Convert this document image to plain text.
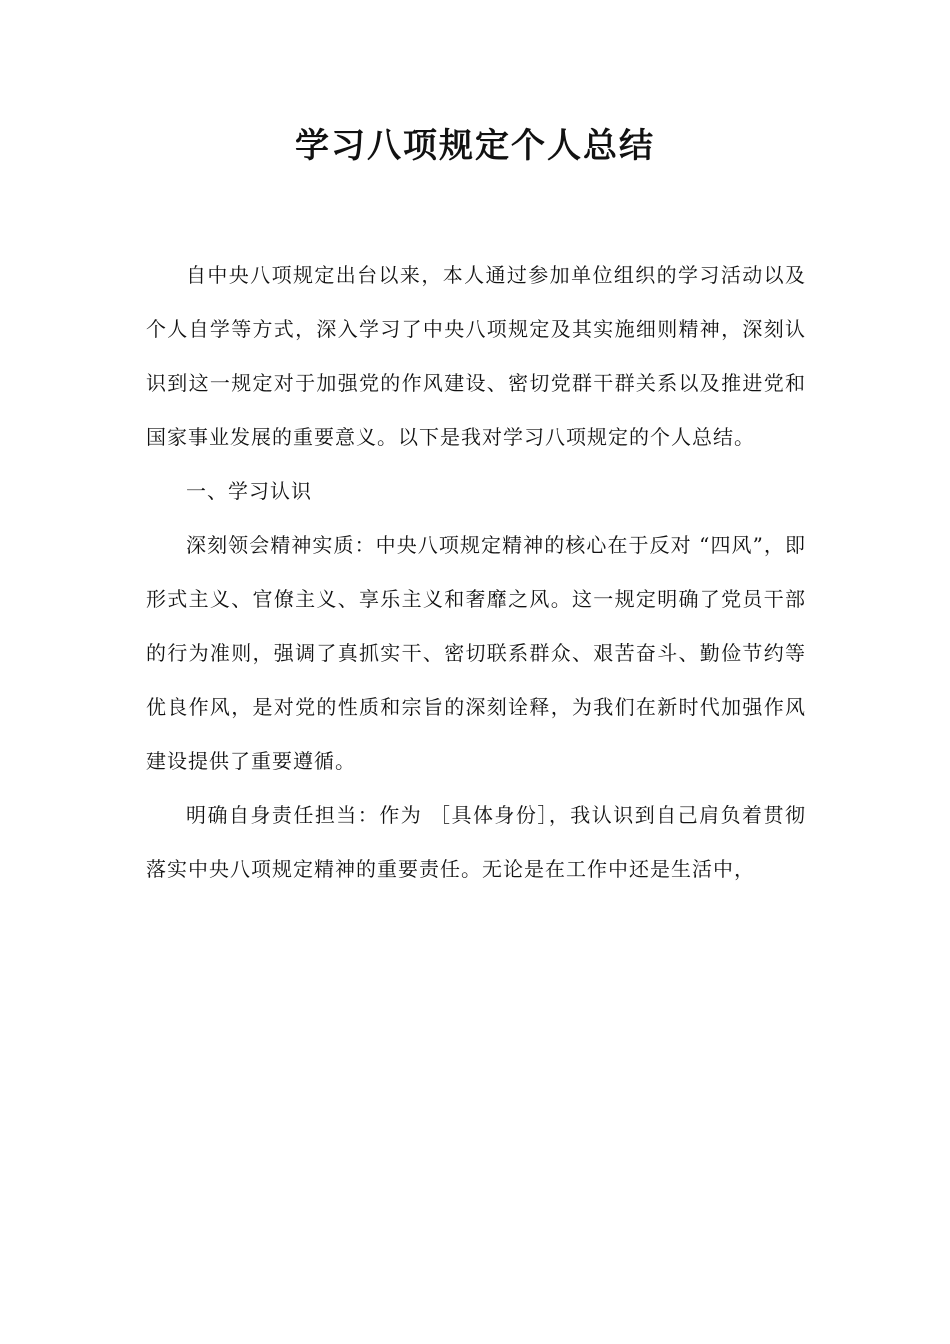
学习八项规定个人总结

自中央八项规定出台以来，本人通过参加单位组织的学习活动以及个人自学等方式，深入学习了中央八项规定及其实施细则精神，深刻认识到这一规定对于加强党的作风建设、密切党群干群关系以及推进党和国家事业发展的重要意义。以下是我对学习八项规定的个人总结。

一、学习认识

深刻领会精神实质：中央八项规定精神的核心在于反对 “四风”，即形式主义、官僚主义、享乐主义和奢靡之风。这一规定明确了党员干部的行为准则，强调了真抓实干、密切联系群众、艰苦奋斗、勤俭节约等优良作风，是对党的性质和宗旨的深刻诠释，为我们在新时代加强作风建设提供了重要遵循。

明确自身责任担当：作为 ［具体身份］，我认识到自己肩负着贯彻落实中央八项规定精神的重要责任。无论是在工作中还是生活中，
